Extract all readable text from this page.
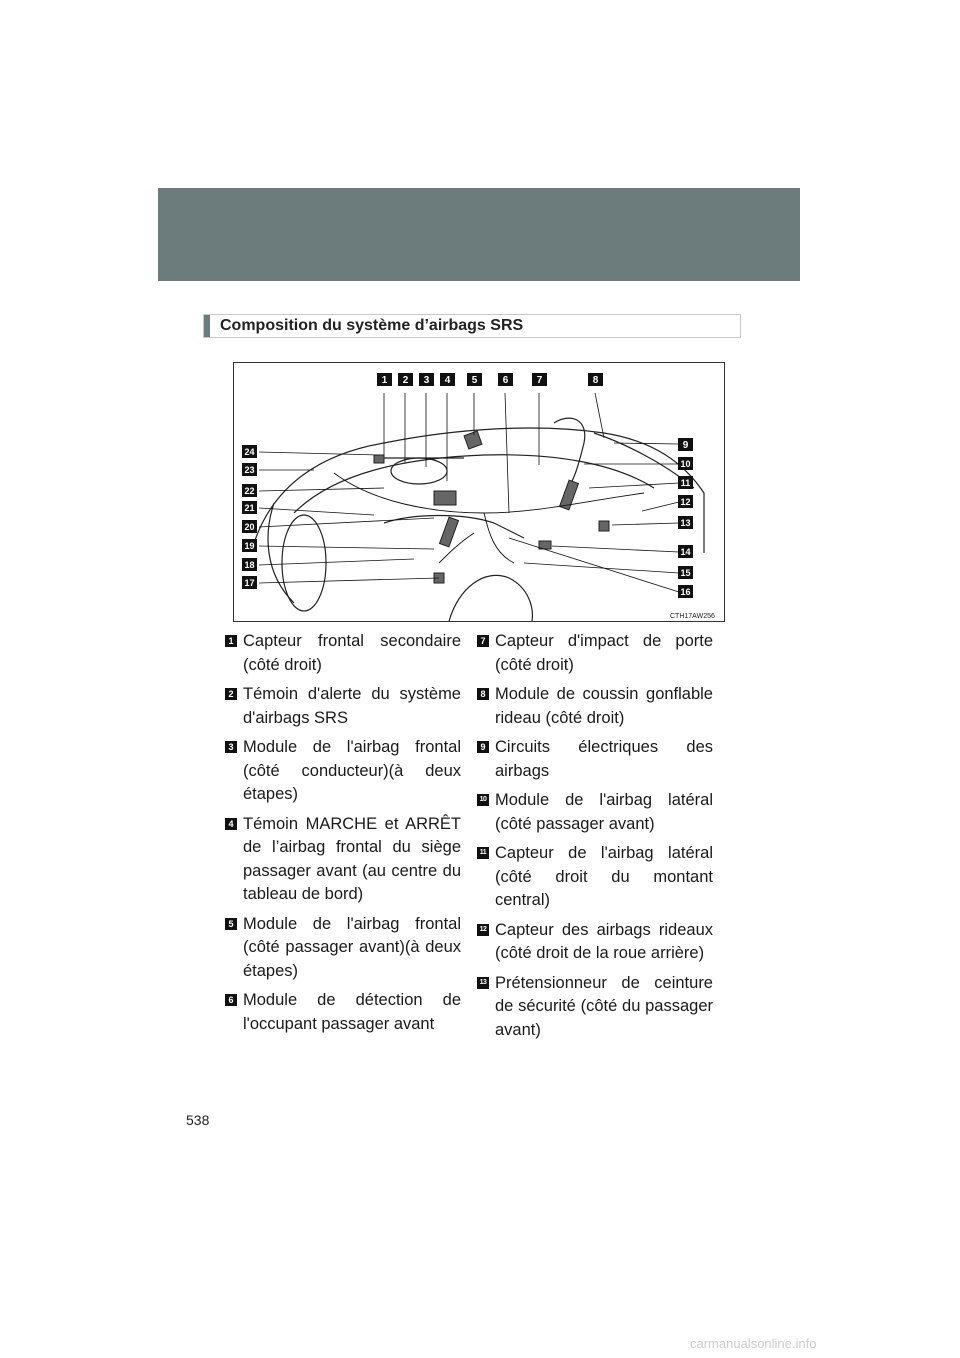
Composition du système d’airbags SRS
1 2 3 4 5	6	7	8
9
10
11
12
13
14
15
16
24
23
22
21
20
19
18
17
CTH17AW256
1 Capteur frontal secondaire (côté droit)
2 Témoin d'alerte du système d'airbags SRS
3 Module de l'airbag frontal (côté conducteur)(à deux étapes)
4 Témoin MARCHE et ARRÊT de l’airbag frontal du siège passager avant (au centre du tableau de bord)
5 Module de l'airbag frontal (côté passager avant)(à deux étapes)
6 Module de détection de l'occupant passager avant
7 Capteur d'impact de porte (côté droit)
8 Module de coussin gonflable rideau (côté droit)
9 Circuits électriques des airbags
10 Module de l'airbag latéral (côté passager avant)
11 Capteur de l'airbag latéral (côté droit du montant central)
12 Capteur des airbags rideaux (côté droit de la roue arrière)
13 Prétensionneur de ceinture de sécurité (côté du passager avant)
538
carmanualsonline.info
